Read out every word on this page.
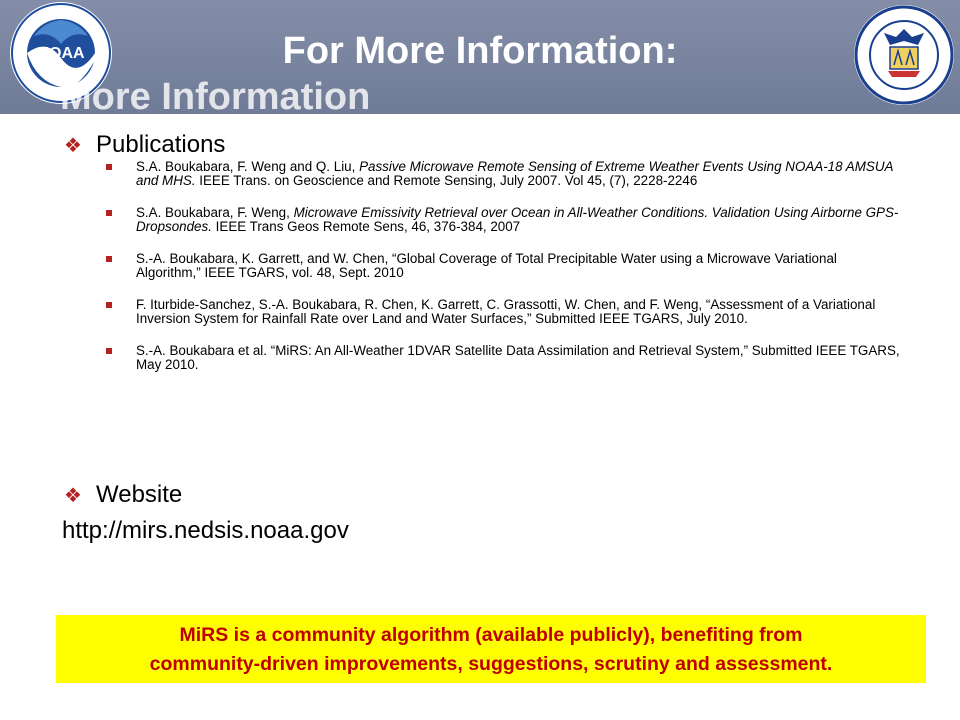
NOAA	For More Information:
More Information
❖ Publications
S.A. Boukabara, F. Weng and Q. Liu, Passive Microwave Remote Sensing of Extreme Weather Events Using NOAA-18 AMSUA and MHS. IEEE Trans. on Geoscience and Remote Sensing, July 2007. Vol 45, (7), 2228-2246
S.A. Boukabara, F. Weng, Microwave Emissivity Retrieval over Ocean in All-Weather Conditions. Validation Using Airborne GPS-Dropsondes. IEEE Trans Geos Remote Sens, 46, 376-384, 2007
S.-A. Boukabara, K. Garrett, and W. Chen, “Global Coverage of Total Precipitable Water using a Microwave Variational Algorithm,” IEEE TGARS, vol. 48, Sept. 2010
F. Iturbide-Sanchez, S.-A. Boukabara, R. Chen, K. Garrett, C. Grassotti, W. Chen, and F. Weng, “Assessment of a Variational Inversion System for Rainfall Rate over Land and Water Surfaces,” Submitted IEEE TGARS, July 2010.
S.-A. Boukabara et al. “MiRS: An All-Weather 1DVAR Satellite Data Assimilation and Retrieval System,” Submitted IEEE TGARS, May 2010.
❖ Website
http://mirs.nedsis.noaa.gov
MiRS is a community algorithm (available publicly), benefiting from
community-driven improvements, suggestions, scrutiny and assessment.
